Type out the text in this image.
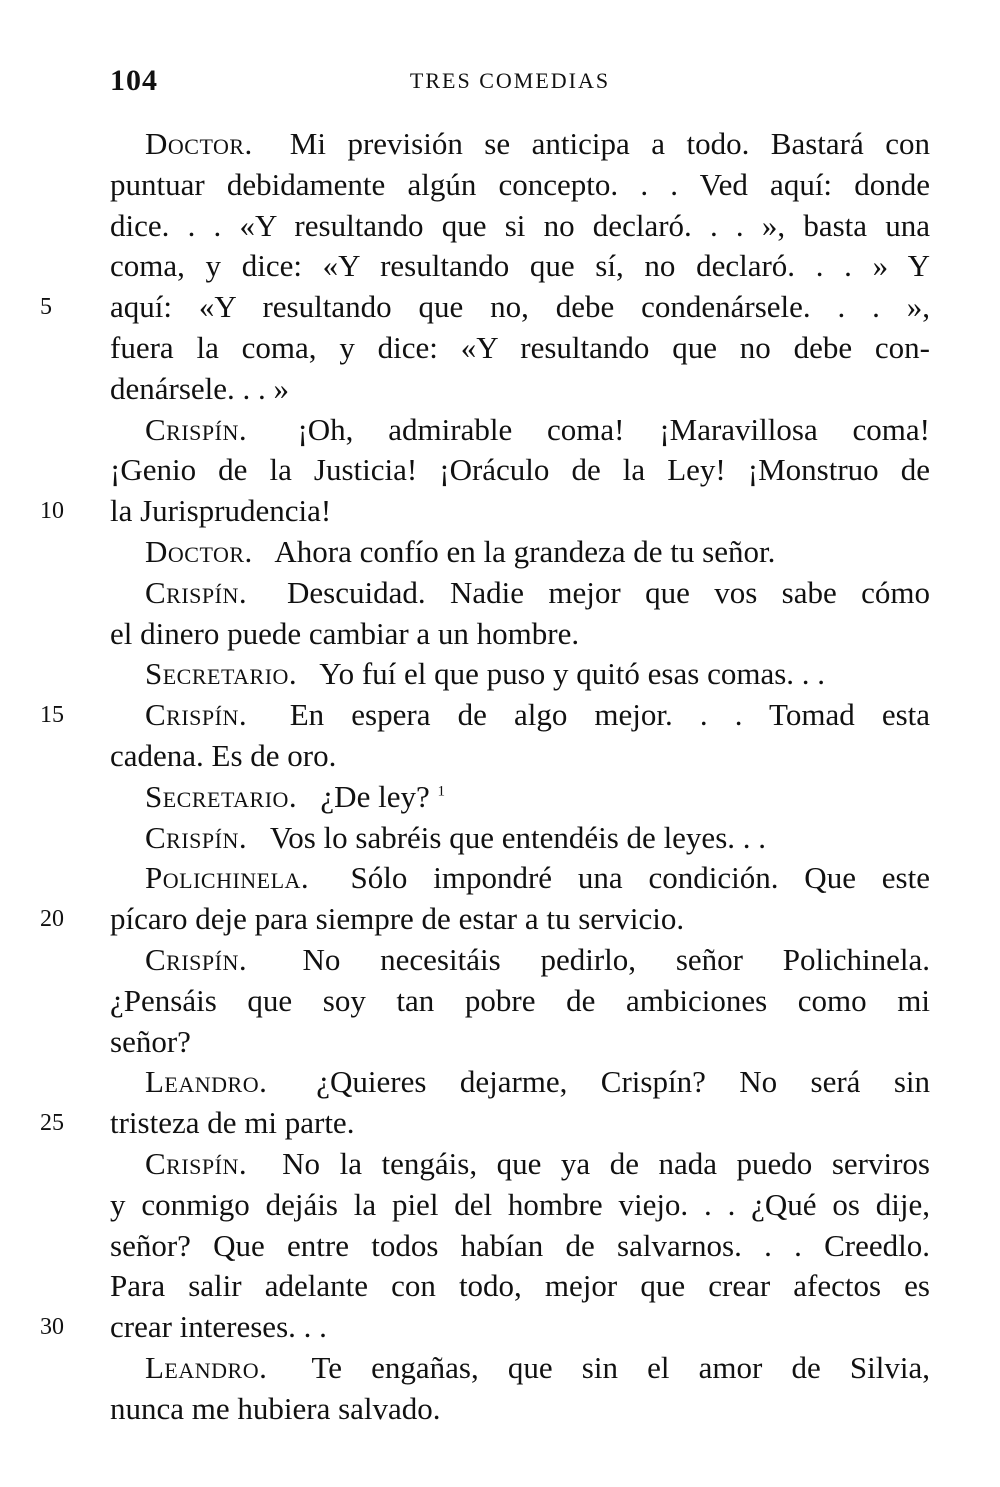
104	TRES COMEDIAS
Doctor.  Mi previsión se anticipa a todo. Bastará con
puntuar debidamente algún concepto. . . Ved aquí: donde
dice. . . «Y resultando que si no declaró. . . », basta una
coma, y dice: «Y resultando que sí, no declaró. . . » Y
5	aquí: «Y resultando que no, debe condenársele. . . »,
fuera la coma, y dice: «Y resultando que no debe con-
denársele. . . »
Crispín.  ¡Oh, admirable coma! ¡Maravillosa coma!
¡Genio de la Justicia! ¡Oráculo de la Ley! ¡Monstruo de
10	la Jurisprudencia!
Doctor.  Ahora confío en la grandeza de tu señor.
Crispín.  Descuidad. Nadie mejor que vos sabe cómo
el dinero puede cambiar a un hombre.
Secretario.  Yo fuí el que puso y quitó esas comas. . .
15	Crispín.  En espera de algo mejor. . . Tomad esta
cadena. Es de oro.
Secretario.  ¿De ley? $^1$
Crispín.  Vos lo sabréis que entendéis de leyes. . .
Polichinela.  Sólo impondré una condición. Que este
20	pícaro deje para siempre de estar a tu servicio.
Crispín.  No necesitáis pedirlo, señor Polichinela.
¿Pensáis que soy tan pobre de ambiciones como mi
señor?
Leandro.  ¿Quieres dejarme, Crispín? No será sin
25	tristeza de mi parte.
Crispín.  No la tengáis, que ya de nada puedo serviros
y conmigo dejáis la piel del hombre viejo. . . ¿Qué os dije,
señor? Que entre todos habían de salvarnos. . . Creedlo.
Para salir adelante con todo, mejor que crear afectos es
30	crear intereses. . .
Leandro.  Te engañas, que sin el amor de Silvia,
nunca me hubiera salvado.
